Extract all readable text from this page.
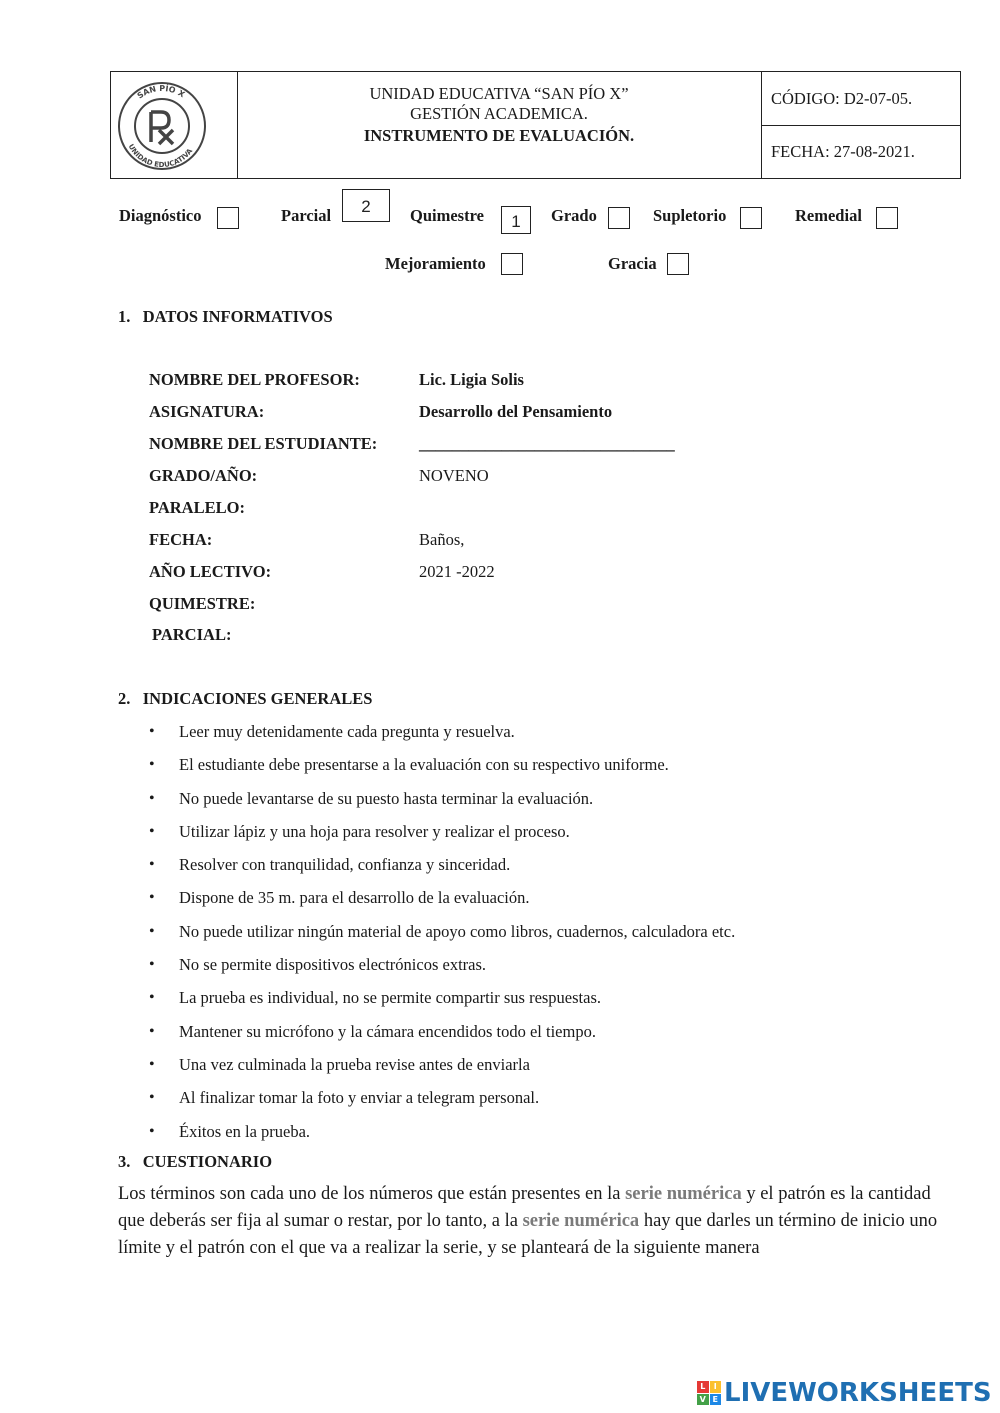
SAN PÍO X
UNIDAD EDUCATIVA
UNIDAD EDUCATIVA “SAN PÍO X”
GESTIÓN ACADEMICA.
INSTRUMENTO DE EVALUACIÓN.
CÓDIGO: D2-07-05.
FECHA: 27-08-2021.
Diagnóstico	Parcial	2	Quimestre	1	Grado	Supletorio	Remedial
Mejoramiento	Gracia
1.   DATOS INFORMATIVOS
NOMBRE DEL PROFESOR:	Lic. Ligia Solis
ASIGNATURA:	Desarrollo del Pensamiento
NOMBRE DEL ESTUDIANTE:	_______________________________
GRADO/AÑO:	NOVENO
PARALELO:
FECHA:	Baños,
AÑO LECTIVO:	2021 -2022
QUIMESTRE:
PARCIAL:
2.   INDICACIONES GENERALES
• Leer muy detenidamente cada pregunta y resuelva.
• El estudiante debe presentarse a la evaluación con su respectivo uniforme.
• No puede levantarse de su puesto hasta terminar la evaluación.
• Utilizar lápiz y una hoja para resolver y realizar el proceso.
• Resolver con tranquilidad, confianza y sinceridad.
• Dispone de 35 m. para el desarrollo de la evaluación.
• No puede utilizar ningún material de apoyo como libros, cuadernos, calculadora etc.
• No se permite dispositivos electrónicos extras.
• La prueba es individual, no se permite compartir sus respuestas.
• Mantener su micrófono y la cámara encendidos todo el tiempo.
• Una vez culminada la prueba revise antes de enviarla
• Al finalizar tomar la foto y enviar a telegram personal.
• Éxitos en la prueba.
3.   CUESTIONARIO
Los términos son cada uno de los números que están presentes en la serie numérica y el patrón es la cantidad que deberás ser fija al sumar o restar, por lo tanto, a la serie numérica hay que darles un término de inicio uno límite y el patrón con el que va a realizar la serie, y se planteará de la siguiente manera
L	I
V E LIVEWORKSHEETS
